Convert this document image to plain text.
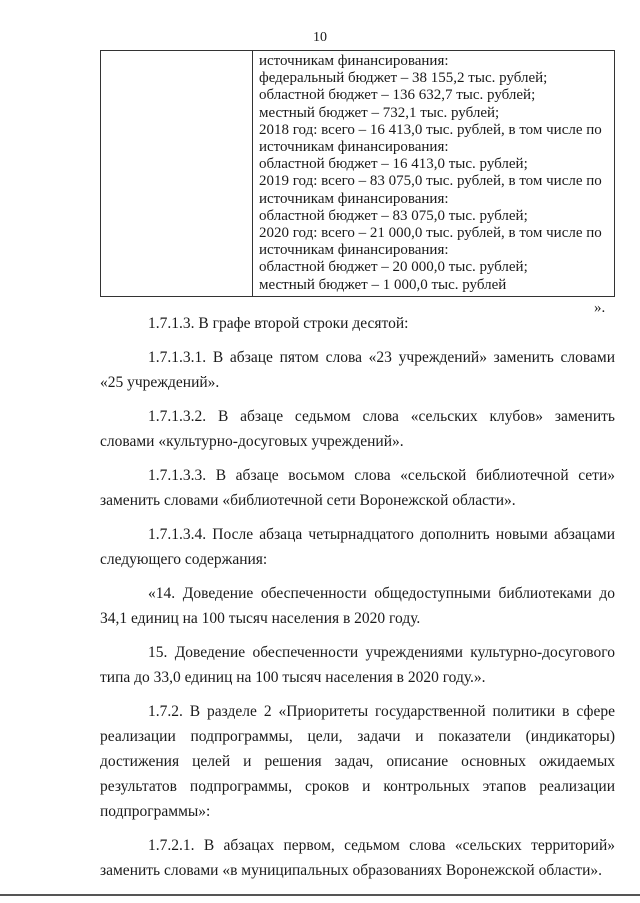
10
источникам финансирования:
федеральный бюджет – 38 155,2 тыс. рублей;
областной бюджет – 136 632,7 тыс. рублей;
местный бюджет – 732,1 тыс. рублей;
2018 год: всего – 16 413,0 тыс. рублей, в том числе по
источникам финансирования:
областной бюджет – 16 413,0 тыс. рублей;
2019 год: всего – 83 075,0 тыс. рублей, в том числе по
источникам финансирования:
областной бюджет – 83 075,0 тыс. рублей;
2020 год: всего – 21 000,0 тыс. рублей, в том числе по
источникам финансирования:
областной бюджет – 20 000,0 тыс. рублей;
местный бюджет – 1 000,0 тыс. рублей
».

1.7.1.3. В графе второй строки десятой:

1.7.1.3.1. В абзаце пятом слова «23 учреждений» заменить словами «25 учреждений».

1.7.1.3.2. В абзаце седьмом слова «сельских клубов» заменить словами «культурно-досуговых учреждений».

1.7.1.3.3. В абзаце восьмом слова «сельской библиотечной сети» заменить словами «библиотечной сети Воронежской области».

1.7.1.3.4. После абзаца четырнадцатого дополнить новыми абзацами следующего содержания:

«14. Доведение обеспеченности общедоступными библиотеками до 34,1 единиц на 100 тысяч населения в 2020 году.

15. Доведение обеспеченности учреждениями культурно-досугового типа до 33,0 единиц на 100 тысяч населения в 2020 году.».

1.7.2. В разделе 2 «Приоритеты государственной политики в сфере реализации подпрограммы, цели, задачи и показатели (индикаторы) достижения целей и решения задач, описание основных ожидаемых результатов подпрограммы, сроков и контрольных этапов реализации подпрограммы»:

1.7.2.1. В абзацах первом, седьмом слова «сельских территорий» заменить словами «в муниципальных образованиях Воронежской области».
